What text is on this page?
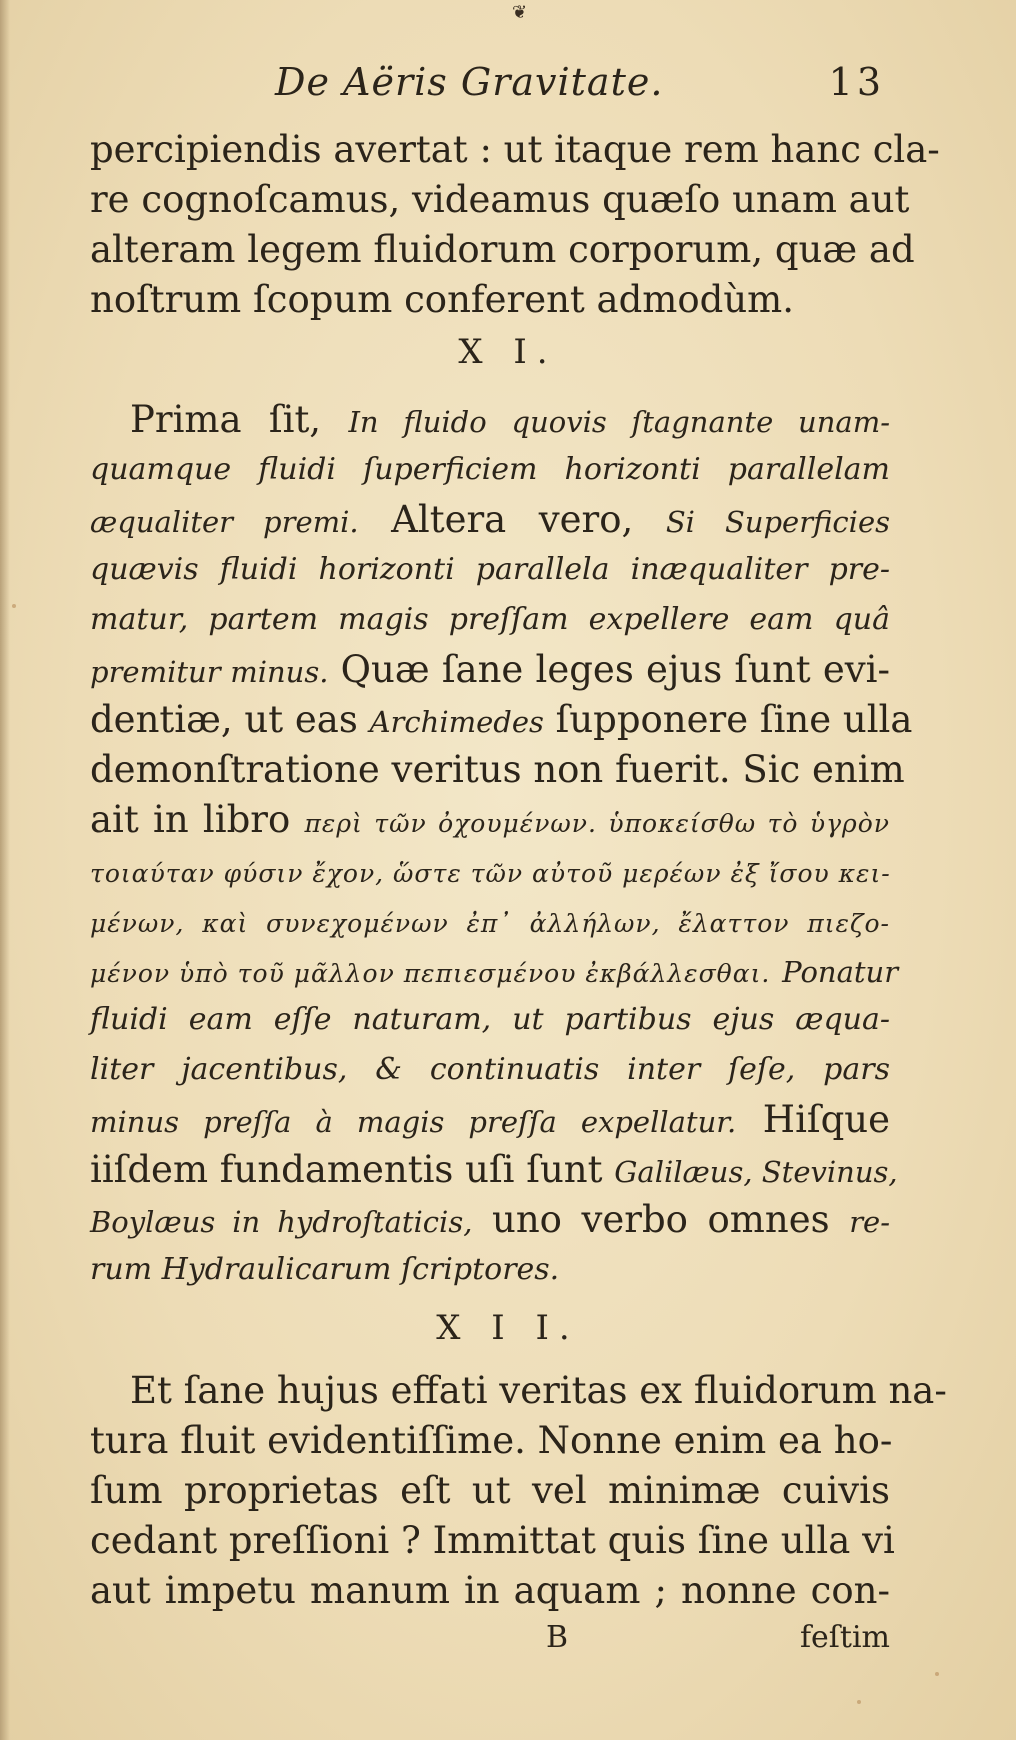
❦
De Aëris Gravitate.	13
percipiendis avertat : ut itaque rem hanc cla-
re cognoſcamus, videamus quæſo unam aut
alteram legem fluidorum corporum, quæ ad
noſtrum ſcopum conferent admodùm.
X I.
Prima ſit, In fluido quovis ſtagnante unam-
quamque fluidi ſuperficiem horizonti parallelam
æqualiter premi. Altera vero, Si Superficies
quævis fluidi horizonti parallela inæqualiter pre-
matur, partem magis preſſam expellere eam quâ
premitur minus. Quæ ſane leges ejus ſunt evi-
dentiæ, ut eas Archimedes ſupponere ſine ulla
demonſtratione veritus non fuerit. Sic enim
ait in libro περὶ τῶν ὀχουμένων. ὑποκείσθω τὸ ὑγρὸν
τοιαύταν φύσιν ἔχον, ὥστε τῶν αὐτοῦ μερέων ἐξ ἴσου κει-
μένων, καὶ συνεχομένων ἐπ᾽ ἀλλήλων, ἔλαττον πιεζο-
μένον ὑπὸ τοῦ μᾶλλον πεπιεσμένου ἐκβάλλεσθαι. Ponatur
fluidi eam eſſe naturam, ut partibus ejus æqua-
liter jacentibus, & continuatis inter ſeſe, pars
minus preſſa à magis preſſa expellatur. Hiſque
iiſdem fundamentis uſi ſunt Galilæus, Stevinus,
Boylæus in hydroſtaticis, uno verbo omnes re-
rum Hydraulicarum ſcriptores.
X I I.
Et ſane hujus effati veritas ex fluidorum na-
tura fluit evidentiſſime. Nonne enim ea ho-
ſum proprietas eſt ut vel minimæ cuivis
cedant preſſioni ? Immittat quis ſine ulla vi
aut impetu manum in aquam ; nonne con-
B	feſtim
